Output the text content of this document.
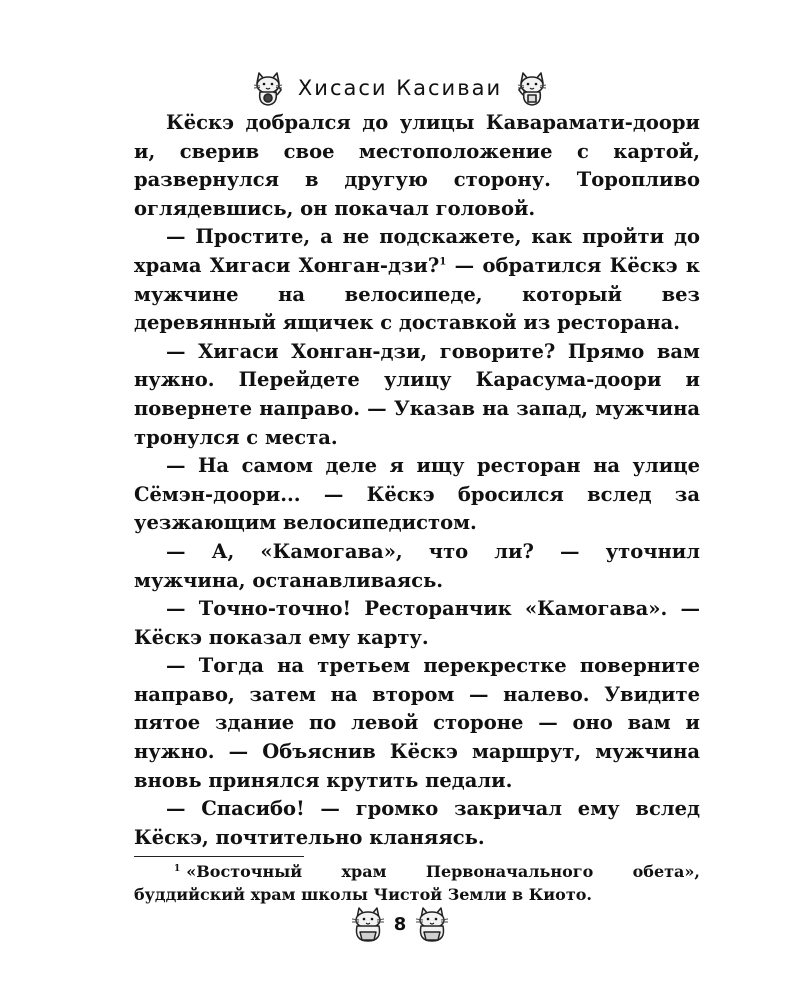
Хисаси Касиваи

Кёскэ добрался до улицы Каварамати-доори и, сверив свое местоположение с картой, развернулся в другую сторону. Торопливо оглядевшись, он покачал головой.

— Простите, а не подскажете, как пройти до храма Хигаси Хонган-дзи?$^1$ — обратился Кёскэ к мужчине на велосипеде, который вез деревянный ящичек с доставкой из ресторана.

— Хигаси Хонган-дзи, говорите? Прямо вам нужно. Перейдете улицу Карасума-доори и повернете направо. — Указав на запад, мужчина тронулся с места.

— На самом деле я ищу ресторан на улице Сёмэн-доори... — Кёскэ бросился вслед за уезжающим велосипедистом.

— А, «Камогава», что ли? — уточнил мужчина, останавливаясь.

— Точно-точно! Ресторанчик «Камогава». — Кёскэ показал ему карту.

— Тогда на третьем перекрестке поверните направо, затем на втором — налево. Увидите пятое здание по левой стороне — оно вам и нужно. — Объяснив Кёскэ маршрут, мужчина вновь принялся крутить педали.

— Спасибо! — громко закричал ему вслед Кёскэ, почтительно кланяясь.

$^1$ «Восточный храм Первоначального обета», буддийский храм школы Чистой Земли в Киото.

8
